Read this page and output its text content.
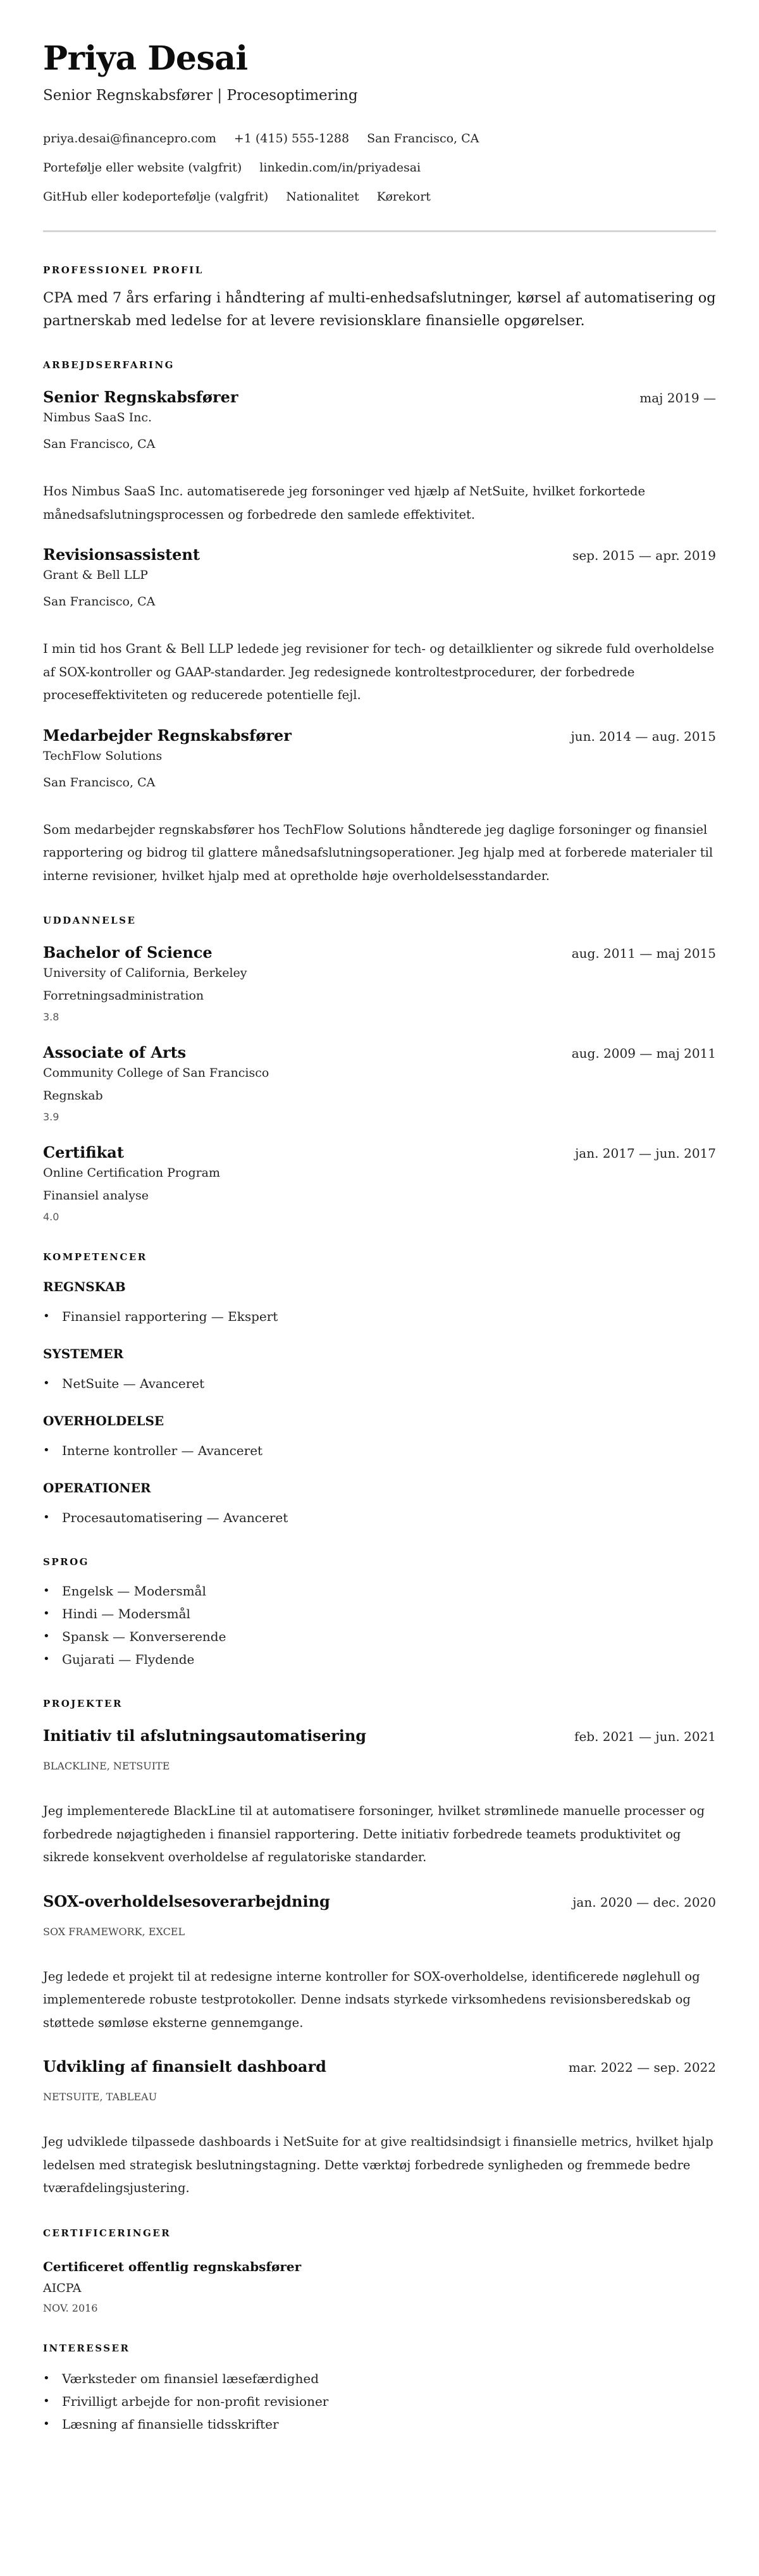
Priya Desai
Senior Regnskabsfører | Procesoptimering
priya.desai@financepro.com +1 (415) 555-1288 San Francisco, CA
Portefølje eller website (valgfrit) linkedin.com/in/priyadesai
GitHub eller kodeportefølje (valgfrit) Nationalitet Kørekort
PROFESSIONEL PROFIL

CPA med 7 års erfaring i håndtering af multi-enhedsafslutninger, kørsel af automatisering og partnerskab med ledelse for at levere revisionsklare finansielle opgørelser.

ARBEJDSERFARING
Senior Regnskabsfører	maj 2019 —
Nimbus SaaS Inc.
San Francisco, CA

Hos Nimbus SaaS Inc. automatiserede jeg forsoninger ved hjælp af NetSuite, hvilket forkortede månedsafslutningsprocessen og forbedrede den samlede effektivitet.

Revisionsassistent	sep. 2015 — apr. 2019
Grant & Bell LLP
San Francisco, CA

I min tid hos Grant & Bell LLP ledede jeg revisioner for tech- og detailklienter og sikrede fuld overholdelse af SOX-kontroller og GAAP-standarder. Jeg redesignede kontroltestprocedurer, der forbedrede proceseffektiviteten og reducerede potentielle fejl.

Medarbejder Regnskabsfører	jun. 2014 — aug. 2015
TechFlow Solutions
San Francisco, CA

Som medarbejder regnskabsfører hos TechFlow Solutions håndterede jeg daglige forsoninger og finansiel rapportering og bidrog til glattere månedsafslutningsoperationer. Jeg hjalp med at forberede materialer til interne revisioner, hvilket hjalp med at opretholde høje overholdelsesstandarder.

UDDANNELSE
Bachelor of Science	aug. 2011 — maj 2015
University of California, Berkeley
Forretningsadministration
3.8
Associate of Arts	aug. 2009 — maj 2011
Community College of San Francisco
Regnskab
3.9
Certifikat	jan. 2017 — jun. 2017
Online Certification Program
Finansiel analyse
4.0
KOMPETENCER
REGNSKAB
• Finansiel rapportering — Ekspert
SYSTEMER
• NetSuite — Avanceret
OVERHOLDELSE
• Interne kontroller — Avanceret
OPERATIONER
• Procesautomatisering — Avanceret
SPROG
• Engelsk — Modersmål
• Hindi — Modersmål
• Spansk — Konverserende
• Gujarati — Flydende
PROJEKTER
Initiativ til afslutningsautomatisering	feb. 2021 — jun. 2021
BLACKLINE, NETSUITE

Jeg implementerede BlackLine til at automatisere forsoninger, hvilket strømlinede manuelle processer og forbedrede nøjagtigheden i finansiel rapportering. Dette initiativ forbedrede teamets produktivitet og sikrede konsekvent overholdelse af regulatoriske standarder.

SOX-overholdelsesoverarbejdning	jan. 2020 — dec. 2020
SOX FRAMEWORK, EXCEL

Jeg ledede et projekt til at redesigne interne kontroller for SOX-overholdelse, identificerede nøglehull og implementerede robuste testprotokoller. Denne indsats styrkede virksomhedens revisionsberedskab og støttede sømløse eksterne gennemgange.

Udvikling af finansielt dashboard	mar. 2022 — sep. 2022
NETSUITE, TABLEAU

Jeg udviklede tilpassede dashboards i NetSuite for at give realtidsindsigt i finansielle metrics, hvilket hjalp ledelsen med strategisk beslutningstagning. Dette værktøj forbedrede synligheden og fremmede bedre tværafdelingsjustering.

CERTIFICERINGER
Certificeret offentlig regnskabsfører
AICPA
NOV. 2016
INTERESSER
• Værksteder om finansiel læsefærdighed
• Frivilligt arbejde for non-profit revisioner
• Læsning af finansielle tidsskrifter
